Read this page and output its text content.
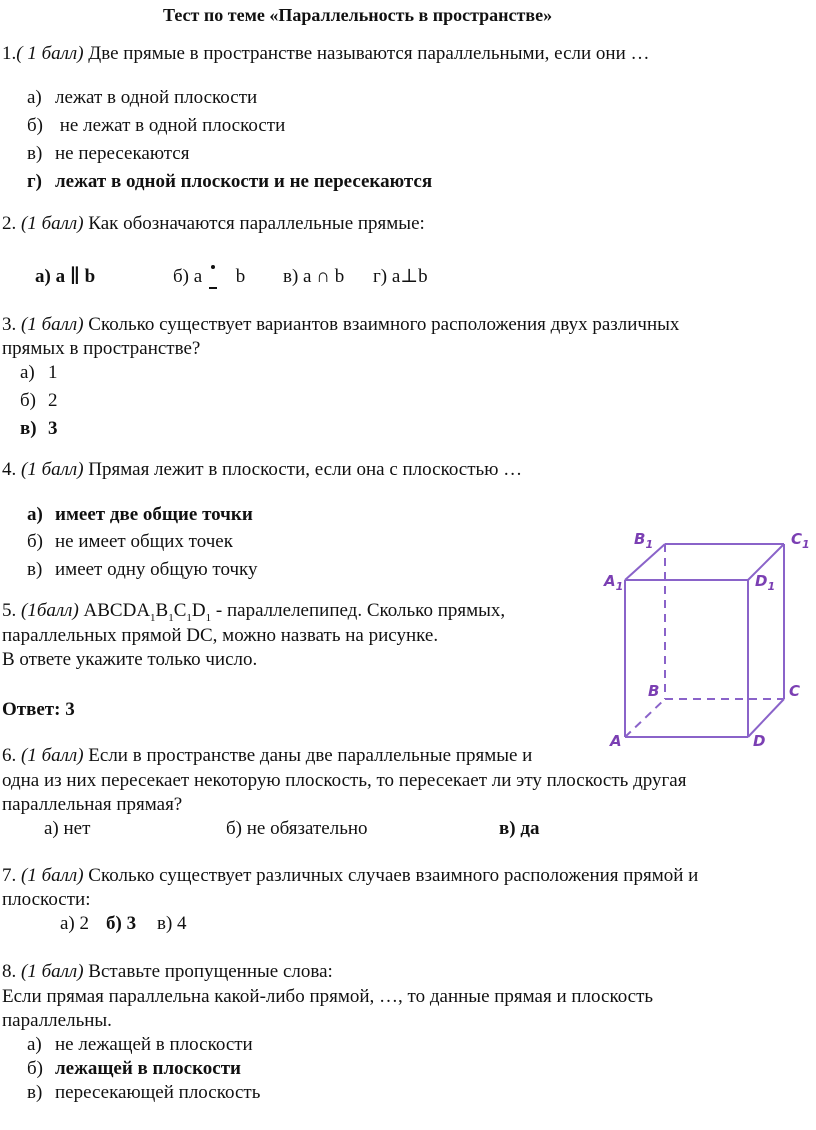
Тест по теме «Параллельность в пространстве»
1.( 1 балл) Две прямые в пространстве называются параллельными, если они …
а) лежат в одной плоскости
б) не лежат в одной плоскости
в) не пересекаются
г) лежат в одной плоскости и не пересекаются
2. (1 балл) Как обозначаются параллельные прямые:
а) a ∥ b	б) a b в) a ∩ b г) a⊥b
3. (1 балл) Сколько существует вариантов взаимного расположения двух различных
прямых в пространстве?
а) 1
б) 2
в) 3
4. (1 балл) Прямая лежит в плоскости, если она с плоскостью …
а) имеет две общие точки
б) не имеет общих точек
в) имеет одну общую точку
5. (1балл) $ABCDA_1B_1C_1D_1$ - параллелепипед. Сколько прямых,
параллельных прямой DC, можно назвать на рисунке.
В ответе укажите только число.
Ответ: 3
$B_1$	$C_1$
$A_1$	$D_1$
B	C
A	D
6. (1 балл) Если в пространстве даны две параллельные прямые и
одна из них пересекает некоторую плоскость, то пересекает ли эту плоскость другая
параллельная прямая?
а) нет	б) не обязательно	в) да
7. (1 балл) Сколько существует различных случаев взаимного расположения прямой и
плоскости:
а) 2 б) 3 в) 4
8. (1 балл) Вставьте пропущенные слова:
Если прямая параллельна какой-либо прямой, …, то данные прямая и плоскость
параллельны.
а) не лежащей в плоскости
б) лежащей в плоскости
в) пересекающей плоскость
